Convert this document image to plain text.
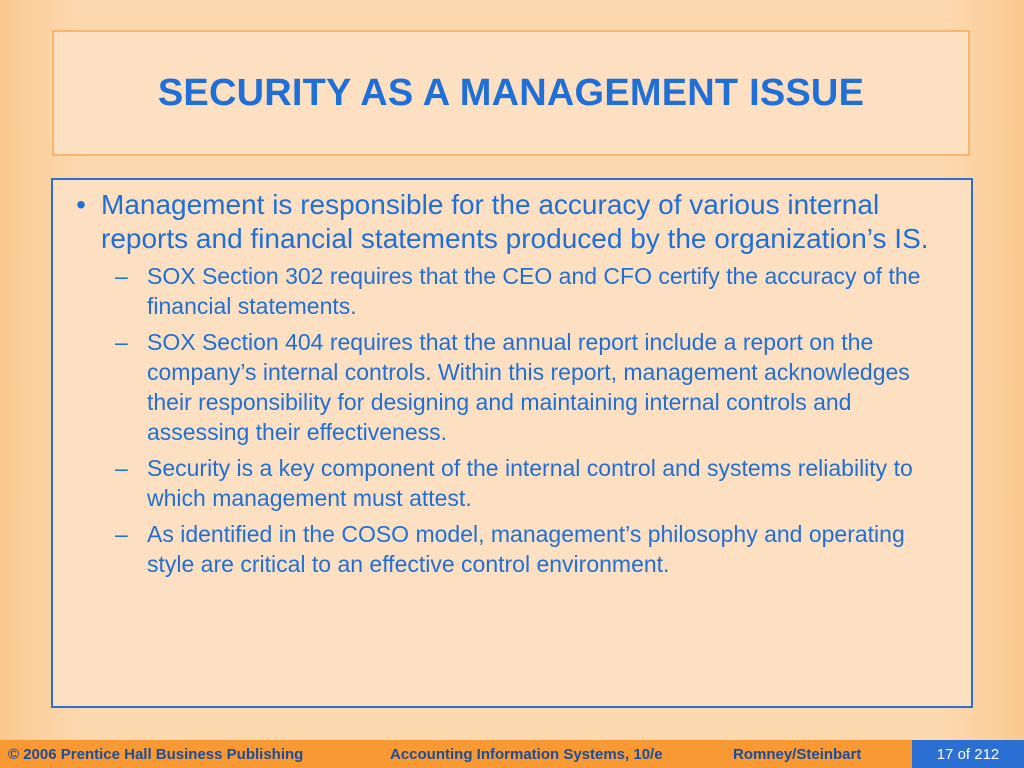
SECURITY AS A MANAGEMENT ISSUE
• Management is responsible for the accuracy of various internal reports and financial statements produced by the organization’s IS.
– SOX Section 302 requires that the CEO and CFO certify the accuracy of the financial statements.
– SOX Section 404 requires that the annual report include a report on the company’s internal controls. Within this report, management acknowledges their responsibility for designing and maintaining internal controls and assessing their effectiveness.
– Security is a key component of the internal control and systems reliability to which management must attest.
– As identified in the COSO model, management’s philosophy and operating style are critical to an effective control environment.
© 2006 Prentice Hall Business Publishing	Accounting Information Systems, 10/e	Romney/Steinbart	17 of 212
